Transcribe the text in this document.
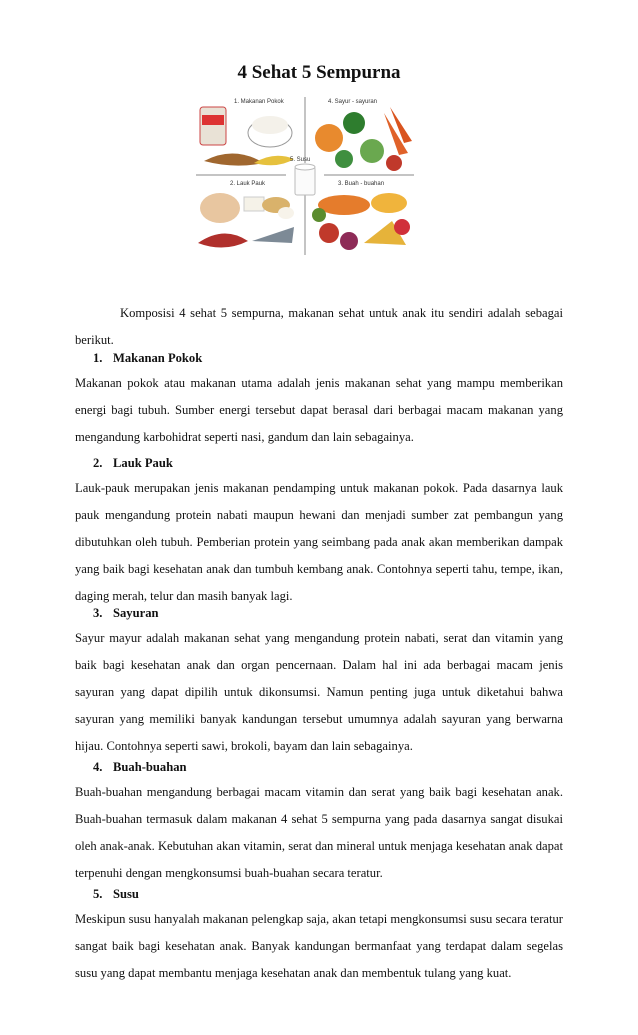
4 Sehat 5 Sempurna
1. Makanan Pokok	4. Sayur - sayuran
5. Susu
2. Lauk Pauk	3. Buah - buahan

Komposisi 4 sehat 5 sempurna, makanan sehat untuk anak itu sendiri adalah sebagai

berikut.

1. Makanan Pokok

Makanan pokok atau makanan utama adalah jenis makanan sehat yang mampu memberikan energi bagi tubuh. Sumber energi tersebut dapat berasal dari berbagai macam makanan yang mengandung karbohidrat seperti nasi, gandum dan lain sebagainya.

2. Lauk Pauk

Lauk-pauk merupakan jenis makanan pendamping untuk makanan pokok. Pada dasarnya lauk pauk mengandung protein nabati maupun hewani dan menjadi sumber zat pembangun yang dibutuhkan oleh tubuh. Pemberian protein yang seimbang pada anak akan memberikan dampak yang baik bagi kesehatan anak dan tumbuh kembang anak. Contohnya seperti tahu, tempe, ikan, daging merah, telur dan masih banyak lagi.

3. Sayuran

Sayur mayur adalah makanan sehat yang mengandung protein nabati, serat dan vitamin yang baik bagi kesehatan anak dan organ pencernaan. Dalam hal ini ada berbagai macam jenis sayuran yang dapat dipilih untuk dikonsumsi. Namun penting juga untuk diketahui bahwa sayuran yang memiliki banyak kandungan tersebut umumnya adalah sayuran yang berwarna hijau. Contohnya seperti sawi, brokoli, bayam dan lain sebagainya.

4. Buah-buahan

Buah-buahan mengandung berbagai macam vitamin dan serat yang baik bagi kesehatan anak. Buah-buahan termasuk dalam makanan 4 sehat 5 sempurna yang pada dasarnya sangat disukai oleh anak-anak. Kebutuhan akan vitamin, serat dan mineral untuk menjaga kesehatan anak dapat terpenuhi dengan mengkonsumsi buah-buahan secara teratur.

5. Susu

Meskipun susu hanyalah makanan pelengkap saja, akan tetapi mengkonsumsi susu secara teratur sangat baik bagi kesehatan anak. Banyak kandungan bermanfaat yang terdapat dalam segelas susu yang dapat membantu menjaga kesehatan anak dan membentuk tulang yang kuat.
